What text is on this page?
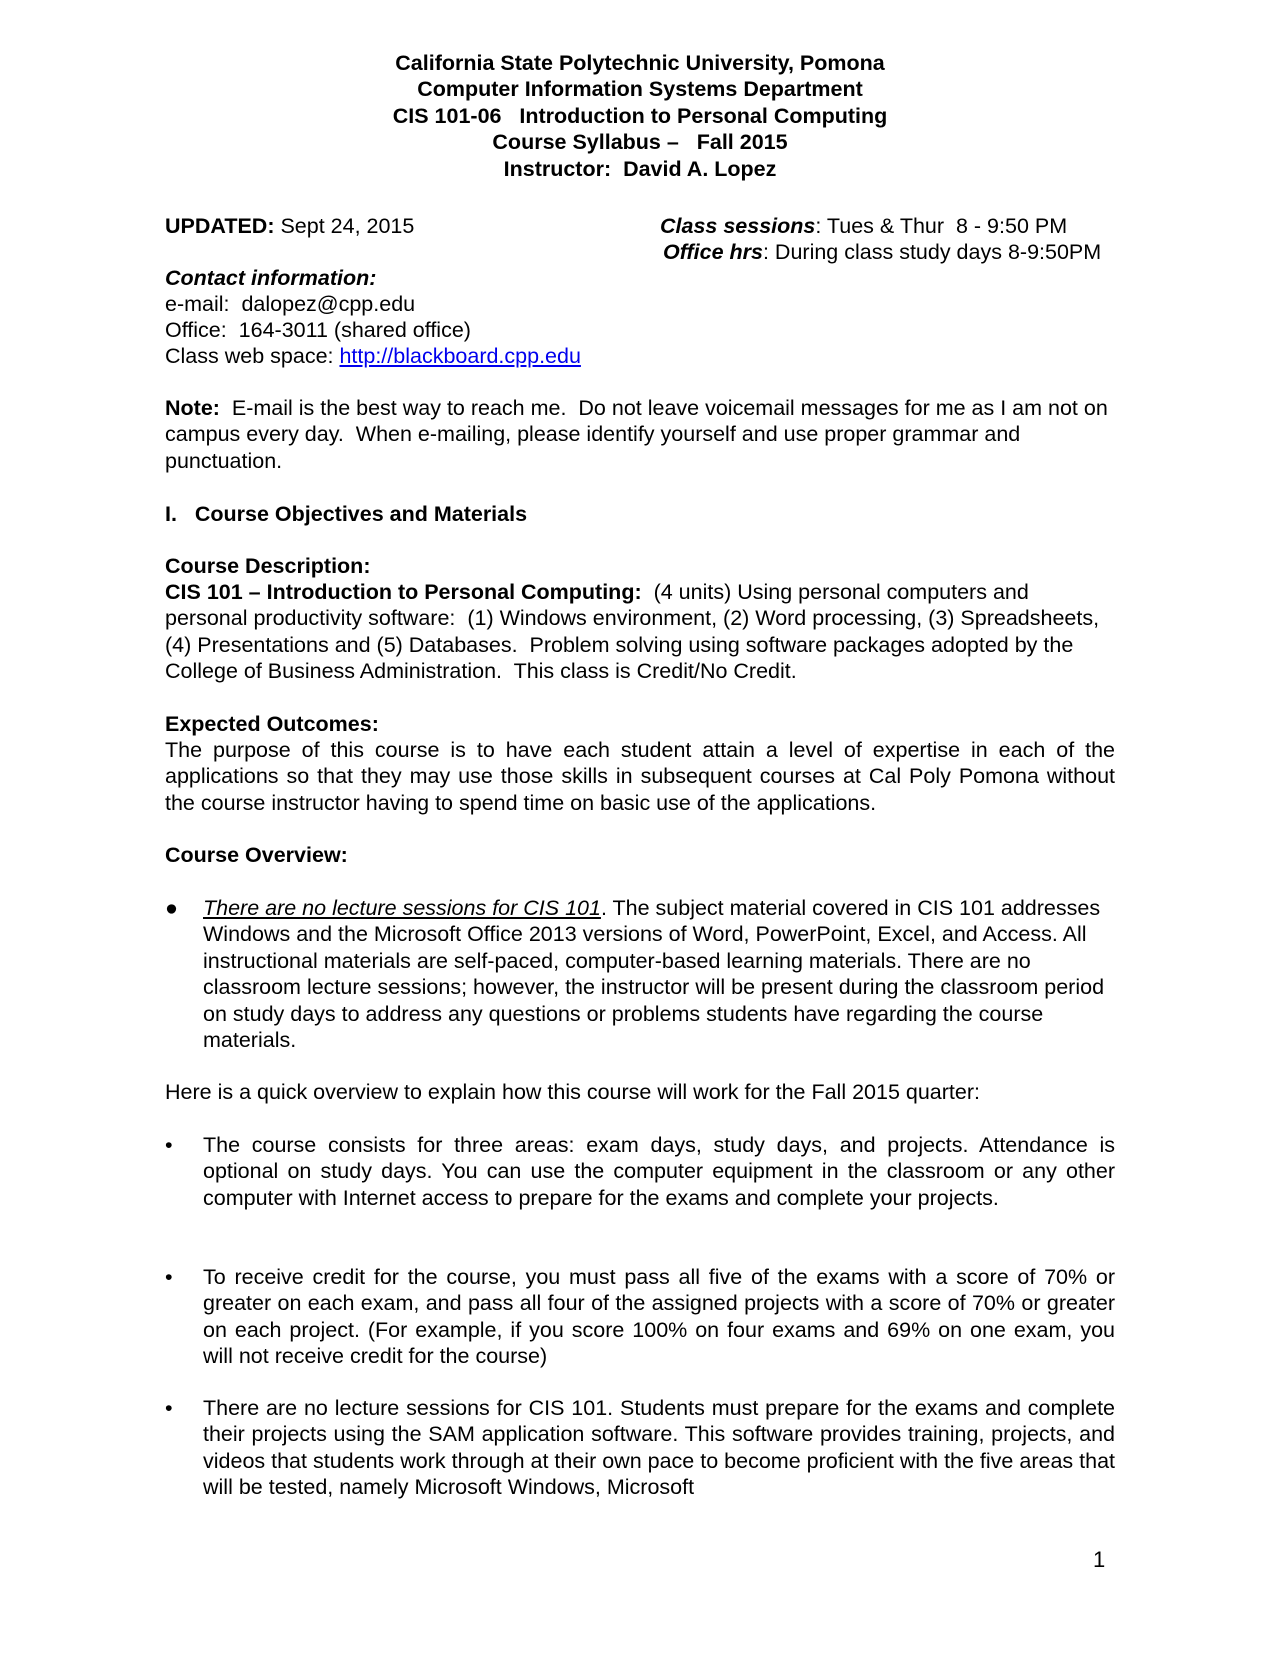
California State Polytechnic University, Pomona
Computer Information Systems Department
CIS 101-06   Introduction to Personal Computing
Course Syllabus –   Fall 2015
Instructor:  David A. Lopez
UPDATED: Sept 24, 2015	Class sessions: Tues & Thur  8 - 9:50 PM
Office hrs: During class study days 8-9:50PM
Contact information:
e-mail:  dalopez@cpp.edu
Office:  164-3011 (shared office)
Class web space: http://blackboard.cpp.edu
Note:  E-mail is the best way to reach me.  Do not leave voicemail messages for me as I am not on campus every day.  When e-mailing, please identify yourself and use proper grammar and punctuation.
I.   Course Objectives and Materials
Course Description:
CIS 101 – Introduction to Personal Computing:  (4 units) Using personal computers and personal productivity software:  (1) Windows environment, (2) Word processing, (3) Spreadsheets, (4) Presentations and (5) Databases.  Problem solving using software packages adopted by the College of Business Administration.  This class is Credit/No Credit.
Expected Outcomes:
The purpose of this course is to have each student attain a level of expertise in each of the applications so that they may use those skills in subsequent courses at Cal Poly Pomona without the course instructor having to spend time on basic use of the applications.
Course Overview:
● There are no lecture sessions for CIS 101. The subject material covered in CIS 101 addresses Windows and the Microsoft Office 2013 versions of Word, PowerPoint, Excel, and Access. All instructional materials are self-paced, computer-based learning materials. There are no classroom lecture sessions; however, the instructor will be present during the classroom period on study days to address any questions or problems students have regarding the course materials.
Here is a quick overview to explain how this course will work for the Fall 2015 quarter:
• The course consists for three areas: exam days, study days, and projects. Attendance is optional on study days. You can use the computer equipment in the classroom or any other computer with Internet access to prepare for the exams and complete your projects.
• To receive credit for the course, you must pass all five of the exams with a score of 70% or greater on each exam, and pass all four of the assigned projects with a score of 70% or greater on each project. (For example, if you score 100% on four exams and 69% on one exam, you will not receive credit for the course)
• There are no lecture sessions for CIS 101. Students must prepare for the exams and complete their projects using the SAM application software. This software provides training, projects, and videos that students work through at their own pace to become proficient with the five areas that will be tested, namely Microsoft Windows, Microsoft
1
